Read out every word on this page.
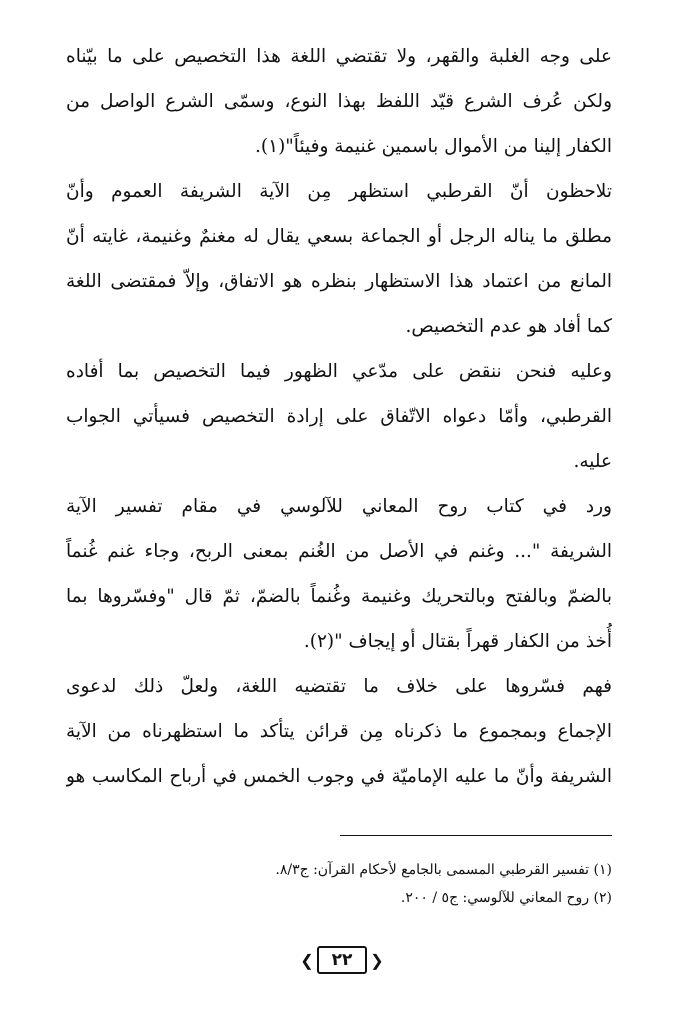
على وجه الغلبة والقهر، ولا تقتضي اللغة هذا التخصيص على ما بيّناه
ولكن عُرف الشرع قيّد اللفظ بهذا النوع، وسمّى الشرع الواصل من
الكفار إلينا من الأموال باسمين غنيمة وفيئاً"(١).
تلاحظون أنّ القرطبي استظهر مِن الآية الشريفة العموم وأنّ
مطلق ما يناله الرجل أو الجماعة بسعي يقال له مغنمٌ وغنيمة، غايته أنّ
المانع من اعتماد هذا الاستظهار بنظره هو الاتفاق، وإلاّ فمقتضى اللغة
كما أفاد هو عدم التخصيص.
وعليه فنحن ننقض على مدّعي الظهور فيما التخصيص بما أفاده
القرطبي، وأمّا دعواه الاتّفاق على إرادة التخصيص فسيأتي الجواب
عليه.
ورد في كتاب روح المعاني للآلوسي في مقام تفسير الآية
الشريفة "... وغنم في الأصل من الغُنم بمعنى الربح، وجاء غنم غُنماً
بالضمّ وبالفتح وبالتحريك وغنيمة وغُنماً بالضمّ، ثمّ قال "وفسّروها بما
أُخذ من الكفار قهراً بقتال أو إيجاف "(٢).
فهم فسّروها على خلاف ما تقتضيه اللغة، ولعلّ ذلك لدعوى
الإجماع وبمجموع ما ذكرناه مِن قرائن يتأكد ما استظهرناه من الآية
الشريفة وأنّ ما عليه الإماميّة في وجوب الخمس في أرباح المكاسب هو
(١) تفسير القرطبي المسمى بالجامع لأحكام القرآن: ج٨/٣.
(٢) روح المعاني للآلوسي: ج٥ / ٢٠٠.
❮	٢٢	❯
